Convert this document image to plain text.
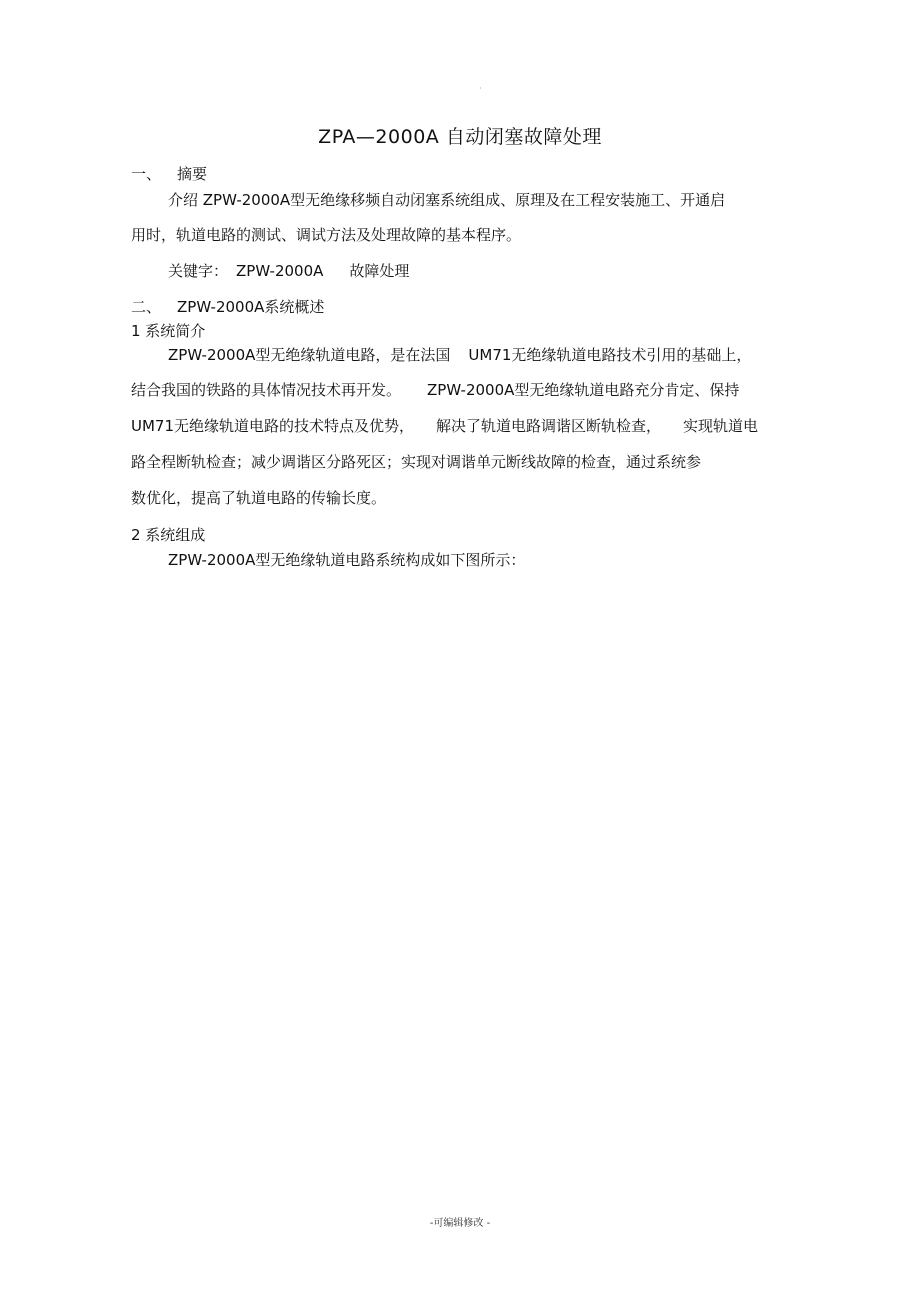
·
ZPA—2000A 自动闭塞故障处理
一、 摘要
介绍 ZPW-2000A型无绝缘移频自动闭塞系统组成、原理及在工程安装施工、开通启
用时，轨道电路的测试、调试方法及处理故障的基本程序。
关键字： ZPW-2000A 故障处理
二、 ZPW-2000A系统概述
1 系统简介
ZPW-2000A型无绝缘轨道电路，是在法国 UM71无绝缘轨道电路技术引用的基础上，
结合我国的铁路的具体情况技术再开发。 ZPW-2000A型无绝缘轨道电路充分肯定、保持
UM71无绝缘轨道电路的技术特点及优势， 解决了轨道电路调谐区断轨检查， 实现轨道电
路全程断轨检查；减少调谐区分路死区；实现对调谐单元断线故障的检查，通过系统参
数优化，提高了轨道电路的传输长度。
2 系统组成
ZPW-2000A型无绝缘轨道电路系统构成如下图所示：
-可编辑修改 -
